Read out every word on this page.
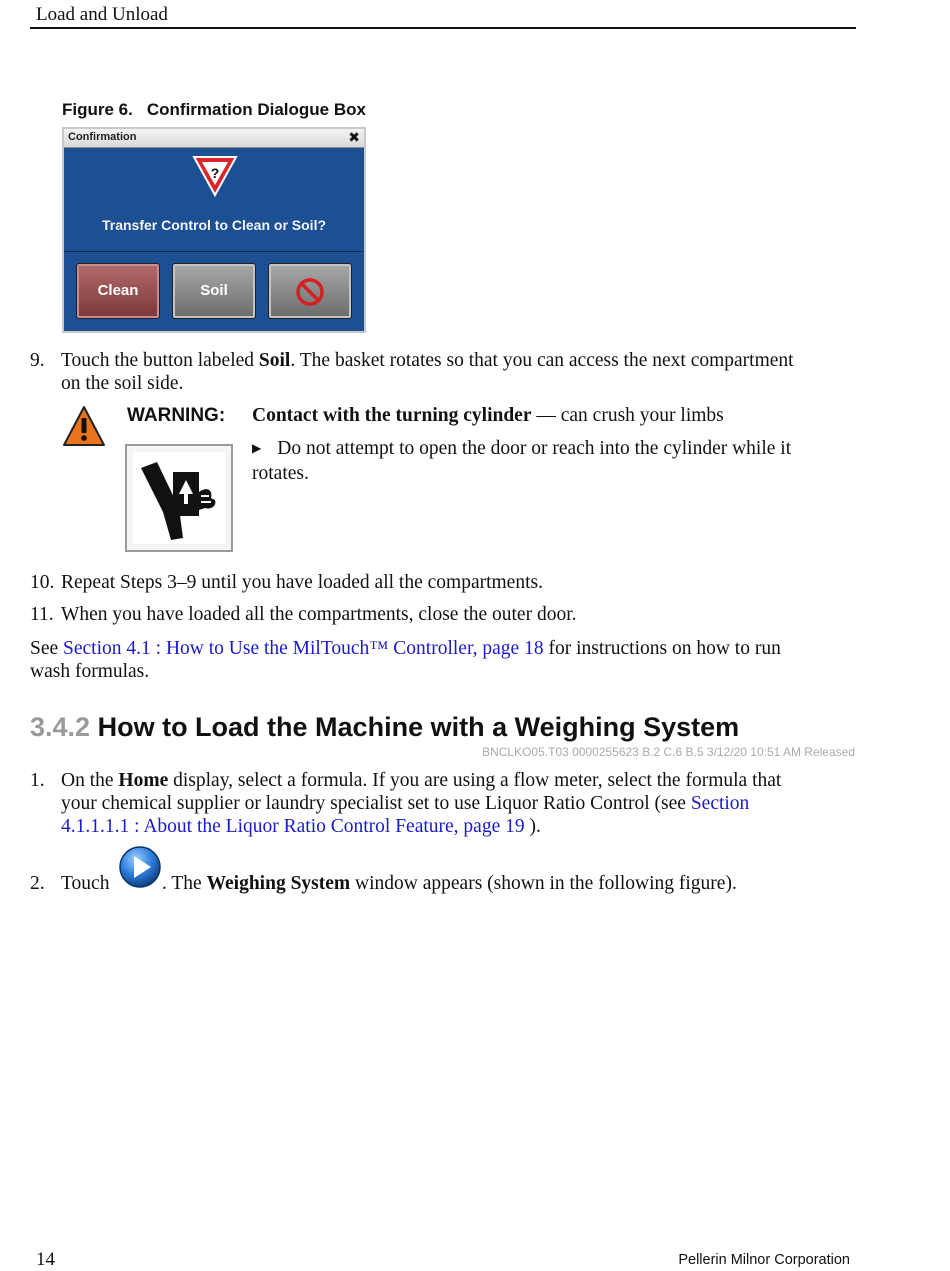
Load and Unload
Figure 6. Confirmation Dialogue Box
Confirmation	✖
?
Transfer Control to Clean or Soil?
Clean	Soil
9. Touch the button labeled Soil. The basket rotates so that you can access the next compartment
on the soil side.
WARNING: Contact with the turning cylinder — can crush your limbs
▶ Do not attempt to open the door or reach into the cylinder while it rotates.
10. Repeat Steps 3–9 until you have loaded all the compartments.
11. When you have loaded all the compartments, close the outer door.
See Section 4.1 : How to Use the MilTouch™ Controller, page 18 for instructions on how to run
wash formulas.
3.4.2 How to Load the Machine with a Weighing System
BNCLKO05.T03 0000255623 B.2 C.6 B.5 3/12/20 10:51 AM Released
1. On the Home display, select a formula. If you are using a flow meter, select the formula that
your chemical supplier or laundry specialist set to use Liquor Ratio Control (see Section
4.1.1.1.1 : About the Liquor Ratio Control Feature, page 19 ).
2. Touch	. The Weighing System window appears (shown in the following figure).
14	Pellerin Milnor Corporation
